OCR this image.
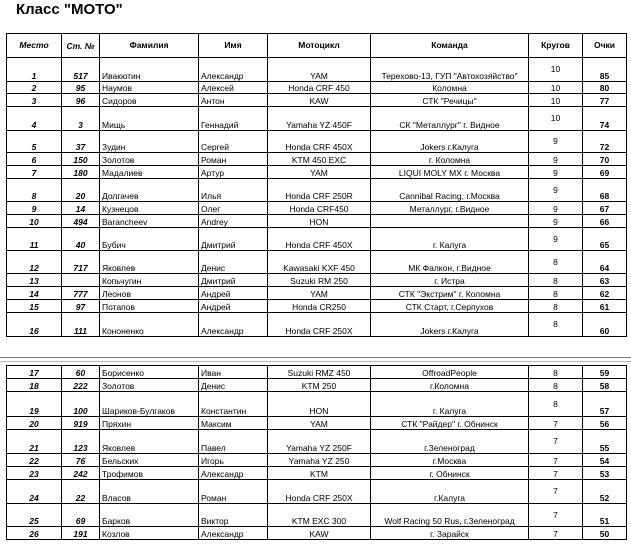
Класс "МОТО"
Место	Ст. №	Фамилия	Имя	Мотоцикл	Команда	Кругов	Очки
1	517	Ивакютин	Александр	YAM	Терехово-13, ГУП "Автохозяйство"	10	85
2	95	Наумов	Алексей	Honda CRF 450	Коломна	10	80
3	96	Сидоров	Антон	KAW	СТК "Речицы"	10	77
4	3	Мищь	Геннадий	Yamaha YZ 450F	СК "Металлург" г. Видное	10	74
5	37	Зудин	Сергей	Honda CRF 450X	Jokers г.Калуга	9	72
6	150	Золотов	Роман	KTM 450 EXC	г. Коломна	9	70
7	180	Мадалиев	Артур	YAM	LIQUI MOLY MX г. Москва	9	69
8	20	Долгачев	Илья	Honda CRF 250R	Cannibal Racing, г.Москва	9	68
9	14	Кузнецов	Олег	Honda CRF450	Металлург, г.Видное	9	67
10	494	Barancheev	Andrey	HON		9	66
11	40	Бубич	Дмитрий	Honda CRF 450X	г. Калуга	9	65
12	717	Яковлев	Денис	Kawasaki KXF 450	МК Фалкон, г.Видное	8	64
13		Копьчугин	Дмитрий	Suzuki RM 250	г. Истра	8	63
14	777	Леонов	Андрей	YAM	СТК "Экстрим" г. Коломна	8	62
15	97	Потапов	Андрей	Honda CR250	СТК Старт, г.Серпухов	8	61
16	111	Кононенко	Александр	Honda CRF 250X	Jokers г.Калуга	8	60
17	60	Борисенко	Иван	Suzuki RMZ 450	OffroadPeople	8	59
18	222	Золотов	Денис	KTM 250	г.Коломна	8	58
19	100	Шариков-Булгаков	Константин	HON	г. Калуга	8	57
20	919	Пряхин	Максим	YAM	СТК "Райдер" г. Обнинск	7	56
21	123	Яковлев	Павел	Yamaha YZ 250F	г.Зеленоград	7	55
22	76	Бельских	Игорь	Yamaha YZ 250	г.Москва	7	54
23	242	Трофимов	Александр	KTM	г. Обнинск	7	53
24	22	Власов	Роман	Honda CRF 250X	г.Калуга	7	52
25	69	Барков	Виктор	KTM EXC 300	Wolf Racing 50 Rus, г.Зеленоград	7	51
26	191	Козлов	Александр	KAW	г. Зарайск	7	50
